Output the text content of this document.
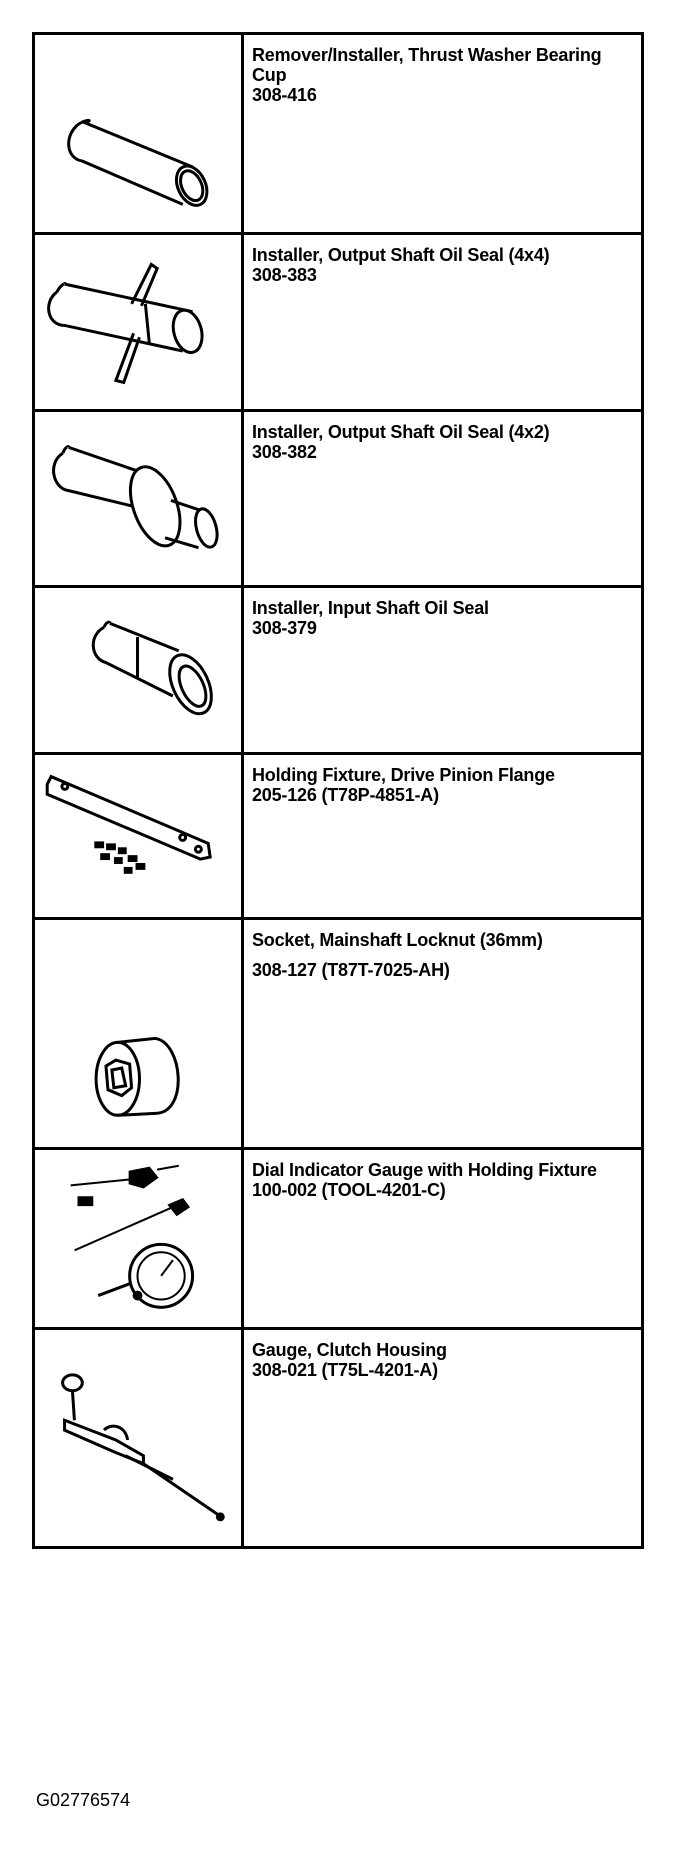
Remover/Installer, Thrust Washer Bearing Cup
308-416
Installer, Output Shaft Oil Seal (4x4)
308-383
Installer, Output Shaft Oil Seal (4x2)
308-382
Installer, Input Shaft Oil Seal
308-379
Holding Fixture, Drive Pinion Flange
205-126 (T78P-4851-A)
Socket, Mainshaft Locknut (36mm)
308-127 (T87T-7025-AH)
Dial Indicator Gauge with Holding Fixture
100-002 (TOOL-4201-C)
Gauge, Clutch Housing
308-021 (T75L-4201-A)
G02776574
